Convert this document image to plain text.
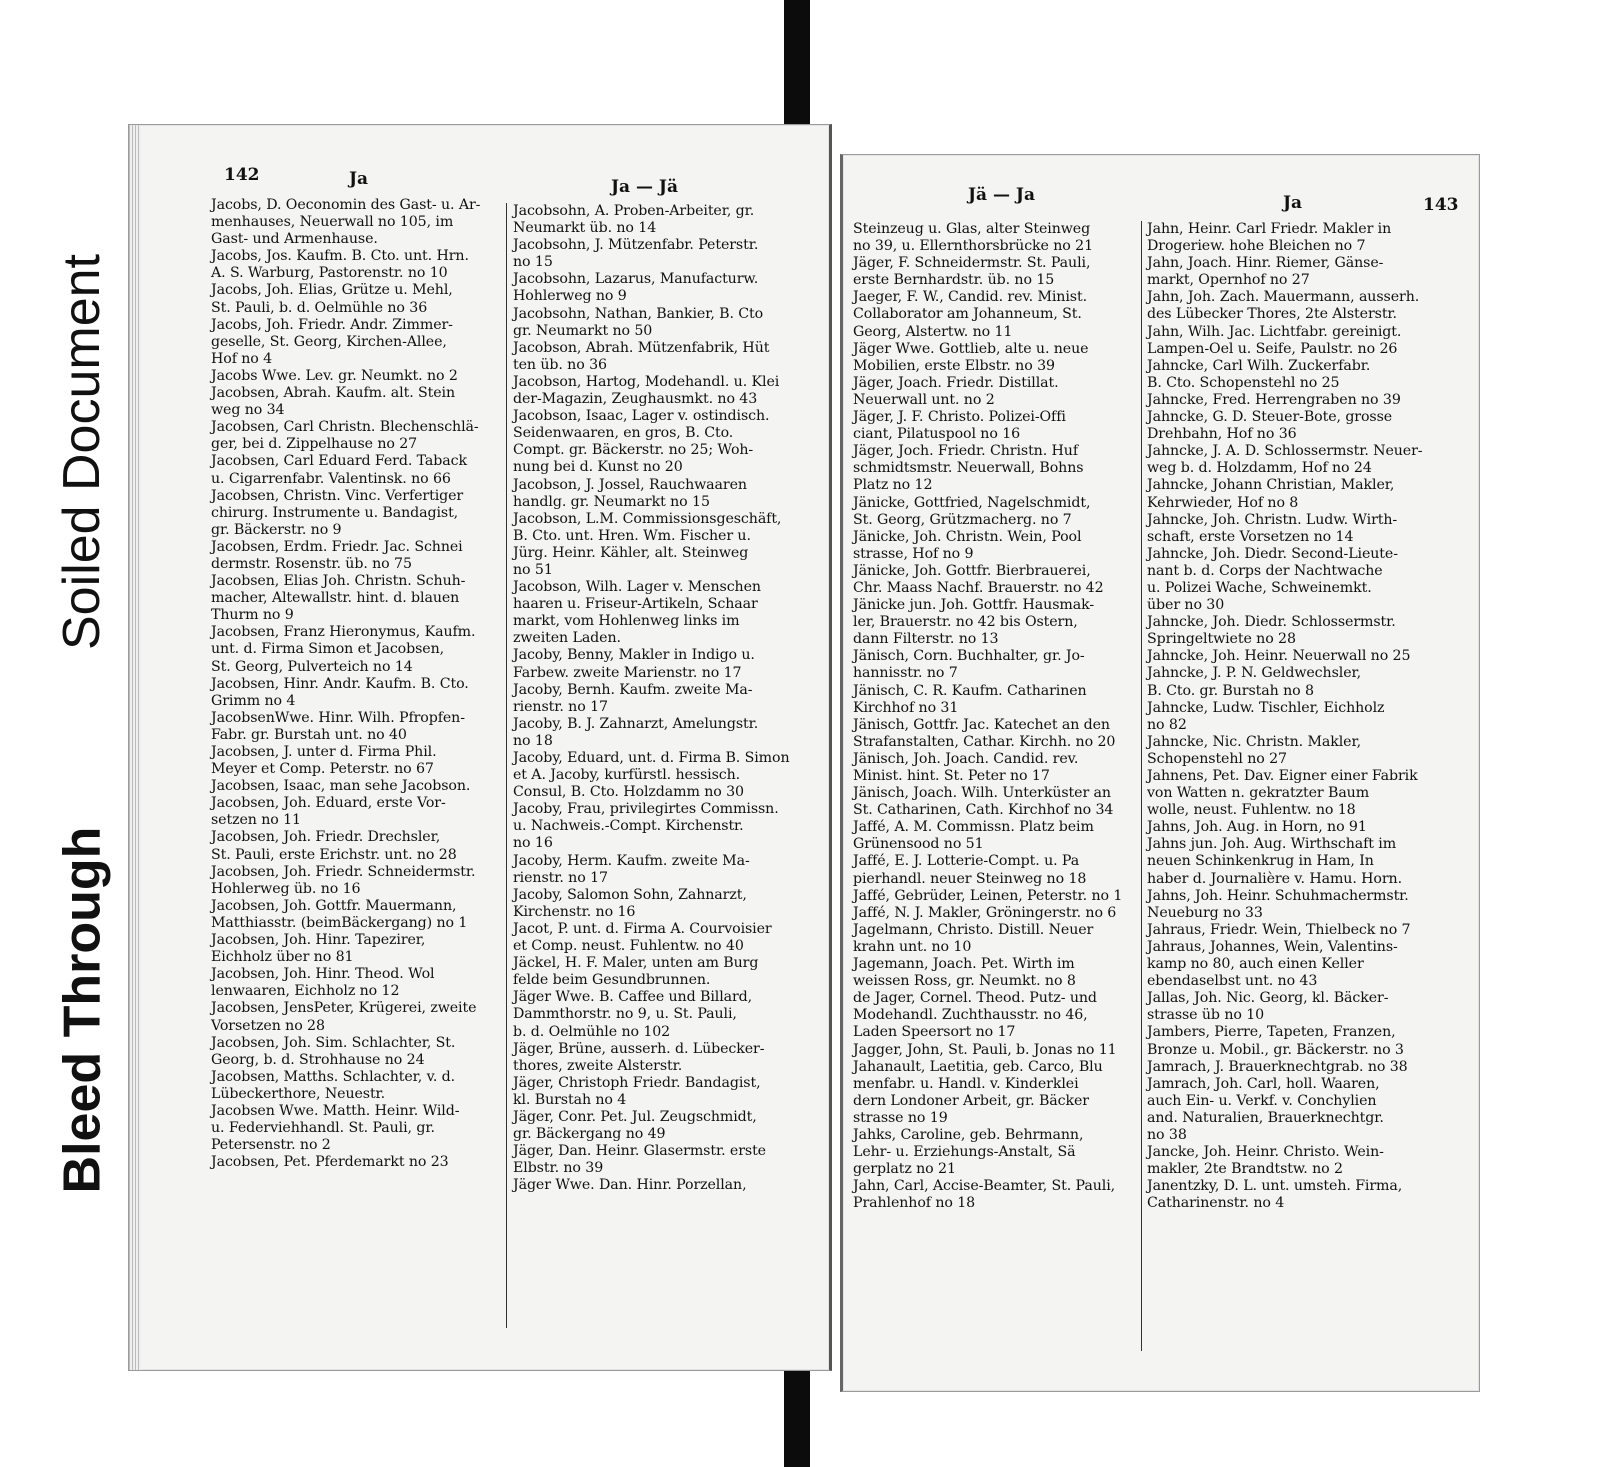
Soiled Document
Bleed Through
142	Ja	Ja — Jä

Jacobs, D. Oeconomin des Gast- u. Ar-

menhauses, Neuerwall no 105, im

Gast- und Armenhause.

Jacobs, Jos. Kaufm. B. Cto. unt. Hrn.

A. S. Warburg, Pastorenstr. no 10

Jacobs, Joh. Elias, Grütze u. Mehl,

St. Pauli, b. d. Oelmühle no 36

Jacobs, Joh. Friedr. Andr. Zimmer-

geselle, St. Georg, Kirchen-Allee,

Hof no 4

Jacobs Wwe. Lev. gr. Neumkt. no 2

Jacobsen, Abrah. Kaufm. alt. Stein

weg no 34

Jacobsen, Carl Christn. Blechenschlä-

ger, bei d. Zippelhause no 27

Jacobsen, Carl Eduard Ferd. Taback

u. Cigarrenfabr. Valentinsk. no 66

Jacobsen, Christn. Vinc. Verfertiger

chirurg. Instrumente u. Bandagist,

gr. Bäckerstr. no 9

Jacobsen, Erdm. Friedr. Jac. Schnei

dermstr. Rosenstr. üb. no 75

Jacobsen, Elias Joh. Christn. Schuh-

macher, Altewallstr. hint. d. blauen

Thurm no 9

Jacobsen, Franz Hieronymus, Kaufm.

unt. d. Firma Simon et Jacobsen,

St. Georg, Pulverteich no 14

Jacobsen, Hinr. Andr. Kaufm. B. Cto.

Grimm no 4

JacobsenWwe. Hinr. Wilh. Pfropfen-

Fabr. gr. Burstah unt. no 40

Jacobsen, J. unter d. Firma Phil.

Meyer et Comp. Peterstr. no 67

Jacobsen, Isaac, man sehe Jacobson.

Jacobsen, Joh. Eduard, erste Vor-

setzen no 11

Jacobsen, Joh. Friedr. Drechsler,

St. Pauli, erste Erichstr. unt. no 28

Jacobsen, Joh. Friedr. Schneidermstr.

Hohlerweg üb. no 16

Jacobsen, Joh. Gottfr. Mauermann,

Matthiasstr. (beimBäckergang) no 1

Jacobsen, Joh. Hinr. Tapezirer,

Eichholz über no 81

Jacobsen, Joh. Hinr. Theod. Wol

lenwaaren, Eichholz no 12

Jacobsen, JensPeter, Krügerei, zweite

Vorsetzen no 28

Jacobsen, Joh. Sim. Schlachter, St.

Georg, b. d. Strohhause no 24

Jacobsen, Matths. Schlachter, v. d.

Lübeckerthore, Neuestr.

Jacobsen Wwe. Matth. Heinr. Wild-

u. Federviehhandl. St. Pauli, gr.

Petersenstr. no 2

Jacobsen, Pet. Pferdemarkt no 23

Jacobsohn, A. Proben-Arbeiter, gr.

Neumarkt üb. no 14

Jacobsohn, J. Mützenfabr. Peterstr.

no 15

Jacobsohn, Lazarus, Manufacturw.

Hohlerweg no 9

Jacobsohn, Nathan, Bankier, B. Cto

gr. Neumarkt no 50

Jacobson, Abrah. Mützenfabrik, Hüt

ten üb. no 36

Jacobson, Hartog, Modehandl. u. Klei

der-Magazin, Zeughausmkt. no 43

Jacobson, Isaac, Lager v. ostindisch.

Seidenwaaren, en gros, B. Cto.

Compt. gr. Bäckerstr. no 25; Woh-

nung bei d. Kunst no 20

Jacobson, J. Jossel, Rauchwaaren

handlg. gr. Neumarkt no 15

Jacobson, L.M. Commissionsgeschäft,

B. Cto. unt. Hren. Wm. Fischer u.

Jürg. Heinr. Kähler, alt. Steinweg

no 51

Jacobson, Wilh. Lager v. Menschen

haaren u. Friseur-Artikeln, Schaar

markt, vom Hohlenweg links im

zweiten Laden.

Jacoby, Benny, Makler in Indigo u.

Farbew. zweite Marienstr. no 17

Jacoby, Bernh. Kaufm. zweite Ma-

rienstr. no 17

Jacoby, B. J. Zahnarzt, Amelungstr.

no 18

Jacoby, Eduard, unt. d. Firma B. Simon

et A. Jacoby, kurfürstl. hessisch.

Consul, B. Cto. Holzdamm no 30

Jacoby, Frau, privilegirtes Commissn.

u. Nachweis.-Compt. Kirchenstr.

no 16

Jacoby, Herm. Kaufm. zweite Ma-

rienstr. no 17

Jacoby, Salomon Sohn, Zahnarzt,

Kirchenstr. no 16

Jacot, P. unt. d. Firma A. Courvoisier

et Comp. neust. Fuhlentw. no 40

Jäckel, H. F. Maler, unten am Burg

felde beim Gesundbrunnen.

Jäger Wwe. B. Caffee und Billard,

Dammthorstr. no 9, u. St. Pauli,

b. d. Oelmühle no 102

Jäger, Brüne, ausserh. d. Lübecker-

thores, zweite Alsterstr.

Jäger, Christoph Friedr. Bandagist,

kl. Burstah no 4

Jäger, Conr. Pet. Jul. Zeugschmidt,

gr. Bäckergang no 49

Jäger, Dan. Heinr. Glasermstr. erste

Elbstr. no 39

Jäger Wwe. Dan. Hinr. Porzellan,

Jä — Ja	Ja	143

Steinzeug u. Glas, alter Steinweg

no 39, u. Ellernthorsbrücke no 21

Jäger, F. Schneidermstr. St. Pauli,

erste Bernhardstr. üb. no 15

Jaeger, F. W., Candid. rev. Minist.

Collaborator am Johanneum, St.

Georg, Alstertw. no 11

Jäger Wwe. Gottlieb, alte u. neue

Mobilien, erste Elbstr. no 39

Jäger, Joach. Friedr. Distillat.

Neuerwall unt. no 2

Jäger, J. F. Christo. Polizei-Offi

ciant, Pilatuspool no 16

Jäger, Joch. Friedr. Christn. Huf

schmidtsmstr. Neuerwall, Bohns

Platz no 12

Jänicke, Gottfried, Nagelschmidt,

St. Georg, Grützmacherg. no 7

Jänicke, Joh. Christn. Wein, Pool

strasse, Hof no 9

Jänicke, Joh. Gottfr. Bierbrauerei,

Chr. Maass Nachf. Brauerstr. no 42

Jänicke jun. Joh. Gottfr. Hausmak-

ler, Brauerstr. no 42 bis Ostern,

dann Filterstr. no 13

Jänisch, Corn. Buchhalter, gr. Jo-

hannisstr. no 7

Jänisch, C. R. Kaufm. Catharinen

Kirchhof no 31

Jänisch, Gottfr. Jac. Katechet an den

Strafanstalten, Cathar. Kirchh. no 20

Jänisch, Joh. Joach. Candid. rev.

Minist. hint. St. Peter no 17

Jänisch, Joach. Wilh. Unterküster an

St. Catharinen, Cath. Kirchhof no 34

Jaffé, A. M. Commissn. Platz beim

Grünensood no 51

Jaffé, E. J. Lotterie-Compt. u. Pa

pierhandl. neuer Steinweg no 18

Jaffé, Gebrüder, Leinen, Peterstr. no 1

Jaffé, N. J. Makler, Gröningerstr. no 6

Jagelmann, Christo. Distill. Neuer

krahn unt. no 10

Jagemann, Joach. Pet. Wirth im

weissen Ross, gr. Neumkt. no 8

de Jager, Cornel. Theod. Putz- und

Modehandl. Zuchthausstr. no 46,

Laden Speersort no 17

Jagger, John, St. Pauli, b. Jonas no 11

Jahanault, Laetitia, geb. Carco, Blu

menfabr. u. Handl. v. Kinderklei

dern Londoner Arbeit, gr. Bäcker

strasse no 19

Jahks, Caroline, geb. Behrmann,

Lehr- u. Erziehungs-Anstalt, Sä

gerplatz no 21

Jahn, Carl, Accise-Beamter, St. Pauli,

Prahlenhof no 18

Jahn, Heinr. Carl Friedr. Makler in

Drogeriew. hohe Bleichen no 7

Jahn, Joach. Hinr. Riemer, Gänse-

markt, Opernhof no 27

Jahn, Joh. Zach. Mauermann, ausserh.

des Lübecker Thores, 2te Alsterstr.

Jahn, Wilh. Jac. Lichtfabr. gereinigt.

Lampen-Oel u. Seife, Paulstr. no 26

Jahncke, Carl Wilh. Zuckerfabr.

B. Cto. Schopenstehl no 25

Jahncke, Fred. Herrengraben no 39

Jahncke, G. D. Steuer-Bote, grosse

Drehbahn, Hof no 36

Jahncke, J. A. D. Schlossermstr. Neuer-

weg b. d. Holzdamm, Hof no 24

Jahncke, Johann Christian, Makler,

Kehrwieder, Hof no 8

Jahncke, Joh. Christn. Ludw. Wirth-

schaft, erste Vorsetzen no 14

Jahncke, Joh. Diedr. Second-Lieute-

nant b. d. Corps der Nachtwache

u. Polizei Wache, Schweinemkt.

über no 30

Jahncke, Joh. Diedr. Schlossermstr.

Springeltwiete no 28

Jahncke, Joh. Heinr. Neuerwall no 25

Jahncke, J. P. N. Geldwechsler,

B. Cto. gr. Burstah no 8

Jahncke, Ludw. Tischler, Eichholz

no 82

Jahncke, Nic. Christn. Makler,

Schopenstehl no 27

Jahnens, Pet. Dav. Eigner einer Fabrik

von Watten n. gekratzter Baum

wolle, neust. Fuhlentw. no 18

Jahns, Joh. Aug. in Horn, no 91

Jahns jun. Joh. Aug. Wirthschaft im

neuen Schinkenkrug in Ham, In

haber d. Journalière v. Hamu. Horn.

Jahns, Joh. Heinr. Schuhmachermstr.

Neueburg no 33

Jahraus, Friedr. Wein, Thielbeck no 7

Jahraus, Johannes, Wein, Valentins-

kamp no 80, auch einen Keller

ebendaselbst unt. no 43

Jallas, Joh. Nic. Georg, kl. Bäcker-

strasse üb no 10

Jambers, Pierre, Tapeten, Franzen,

Bronze u. Mobil., gr. Bäckerstr. no 3

Jamrach, J. Brauerknechtgrab. no 38

Jamrach, Joh. Carl, holl. Waaren,

auch Ein- u. Verkf. v. Conchylien

and. Naturalien, Brauerknechtgr.

no 38

Jancke, Joh. Heinr. Christo. Wein-

makler, 2te Brandtstw. no 2

Janentzky, D. L. unt. umsteh. Firma,

Catharinenstr. no 4
